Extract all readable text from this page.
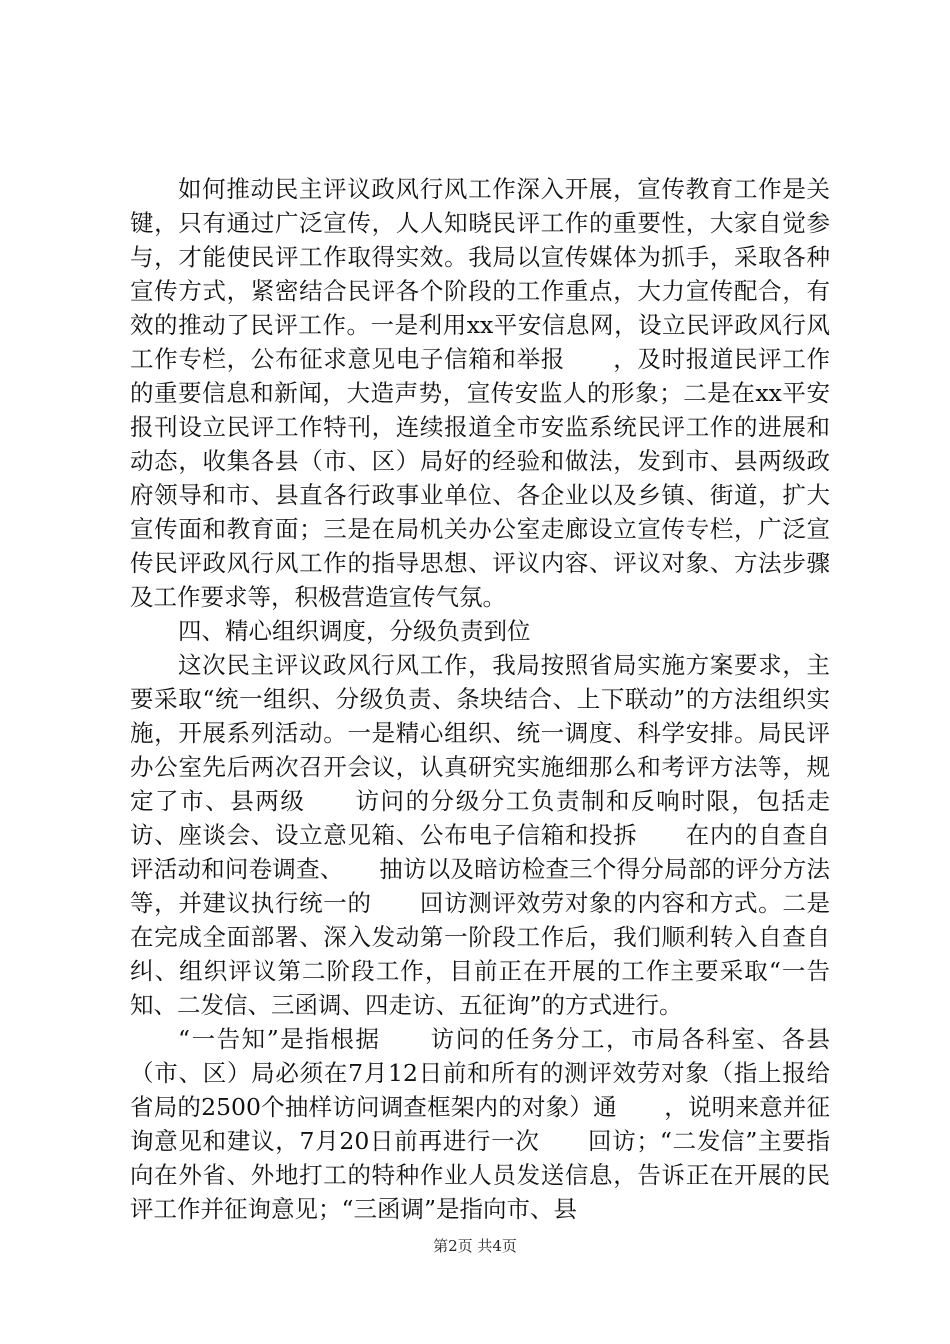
如何推动民主评议政风行风工作深入开展，宣传教育工作是关键，只有通过广泛宣传，人人知晓民评工作的重要性，大家自觉参与，才能使民评工作取得实效。我局以宣传媒体为抓手，采取各种宣传方式，紧密结合民评各个阶段的工作重点，大力宣传配合，有效的推动了民评工作。一是利用xx平安信息网，设立民评政风行风工作专栏，公布征求意见电子信箱和举报　　，及时报道民评工作的重要信息和新闻，大造声势，宣传安监人的形象；二是在xx平安报刊设立民评工作特刊，连续报道全市安监系统民评工作的进展和动态，收集各县（市、区）局好的经验和做法，发到市、县两级政府领导和市、县直各行政事业单位、各企业以及乡镇、街道，扩大宣传面和教育面；三是在局机关办公室走廊设立宣传专栏，广泛宣传民评政风行风工作的指导思想、评议内容、评议对象、方法步骤及工作要求等，积极营造宣传气氛。

四、精心组织调度，分级负责到位

这次民主评议政风行风工作，我局按照省局实施方案要求，主要采取“统一组织、分级负责、条块结合、上下联动”的方法组织实施，开展系列活动。一是精心组织、统一调度、科学安排。局民评办公室先后两次召开会议，认真研究实施细那么和考评方法等，规定了市、县两级　　访问的分级分工负责制和反响时限，包括走访、座谈会、设立意见箱、公布电子信箱和投拆　　在内的自查自评活动和问卷调查、　　抽访以及暗访检查三个得分局部的评分方法等，并建议执行统一的　　回访测评效劳对象的内容和方式。二是在完成全面部署、深入发动第一阶段工作后，我们顺利转入自查自纠、组织评议第二阶段工作，目前正在开展的工作主要采取“一告知、二发信、三函调、四走访、五征询”的方式进行。

“一告知”是指根据　　访问的任务分工，市局各科室、各县（市、区）局必须在7月12日前和所有的测评效劳对象（指上报给省局的2500个抽样访问调查框架内的对象）通　　，说明来意并征询意见和建议，7月20日前再进行一次　　回访；“二发信”主要指向在外省、外地打工的特种作业人员发送信息，告诉正在开展的民评工作并征询意见；“三函调”是指向市、县

第2页 共4页
